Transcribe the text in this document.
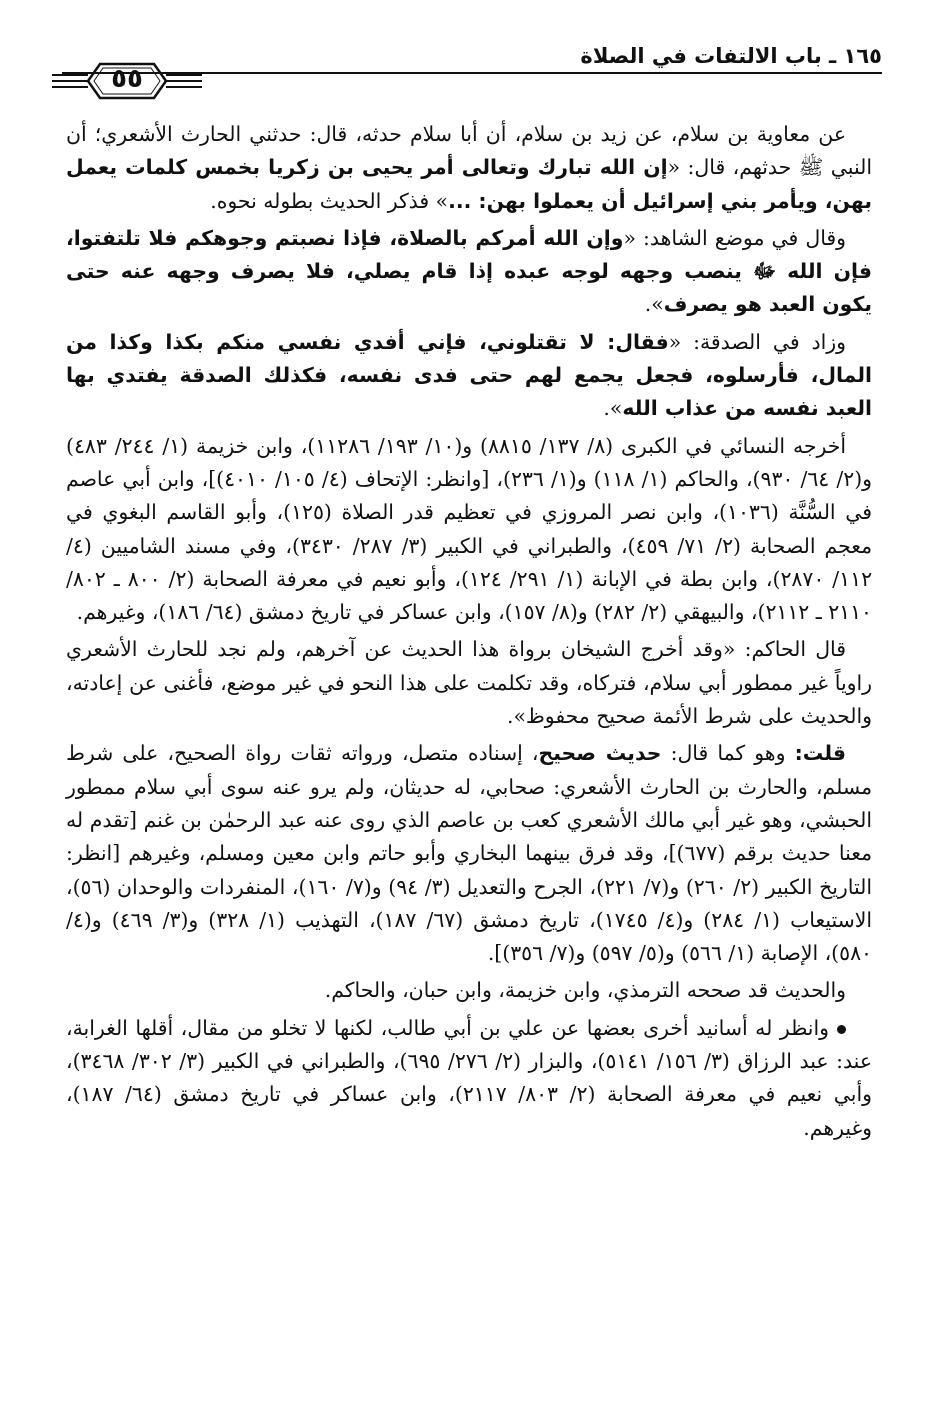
١٦٥ ـ باب الالتفات في الصلاة
٥٥

عن معاوية بن سلام، عن زيد بن سلام، أن أبا سلام حدثه، قال: حدثني الحارث الأشعري؛ أن النبي ﷺ حدثهم، قال: «إن الله تبارك وتعالى أمر يحيى بن زكريا بخمس كلمات يعمل بهن، ويأمر بني إسرائيل أن يعملوا بهن: ...» فذكر الحديث بطوله نحوه.

وقال في موضع الشاهد: «وإن الله أمركم بالصلاة، فإذا نصبتم وجوهكم فلا تلتفتوا، فإن الله ﷻ ينصب وجهه لوجه عبده إذا قام يصلي، فلا يصرف وجهه عنه حتى يكون العبد هو يصرف».

وزاد في الصدقة: «فقال: لا تقتلوني، فإني أفدي نفسي منكم بكذا وكذا من المال، فأرسلوه، فجعل يجمع لهم حتى فدى نفسه، فكذلك الصدقة يفتدي بها العبد نفسه من عذاب الله».

أخرجه النسائي في الكبرى (٨/ ١٣٧/ ٨٨١٥) و(١٠/ ١٩٣/ ١١٢٨٦)، وابن خزيمة (١/ ٢٤٤/ ٤٨٣) و(٢/ ٦٤/ ٩٣٠)، والحاكم (١/ ١١٨) و(١/ ٢٣٦)، [وانظر: الإتحاف (٤/ ١٠٥/ ٤٠١٠)]، وابن أبي عاصم في السُّنَّة (١٠٣٦)، وابن نصر المروزي في تعظيم قدر الصلاة (١٢٥)، وأبو القاسم البغوي في معجم الصحابة (٢/ ٧١/ ٤٥٩)، والطبراني في الكبير (٣/ ٢٨٧/ ٣٤٣٠)، وفي مسند الشاميين (٤/ ١١٢/ ٢٨٧٠)، وابن بطة في الإبانة (١/ ٢٩١/ ١٢٤)، وأبو نعيم في معرفة الصحابة (٢/ ٨٠٠ ـ ٨٠٢/ ٢١١٠ ـ ٢١١٢)، والبيهقي (٢/ ٢٨٢) و(٨/ ١٥٧)، وابن عساكر في تاريخ دمشق (٦٤/ ١٨٦)، وغيرهم.

قال الحاكم: «وقد أخرج الشيخان برواة هذا الحديث عن آخرهم، ولم نجد للحارث الأشعري راوياً غير ممطور أبي سلام، فتركاه، وقد تكلمت على هذا النحو في غير موضع، فأغنى عن إعادته، والحديث على شرط الأئمة صحيح محفوظ».

قلت: وهو كما قال: حديث صحيح، إسناده متصل، ورواته ثقات رواة الصحيح، على شرط مسلم، والحارث بن الحارث الأشعري: صحابي، له حديثان، ولم يرو عنه سوى أبي سلام ممطور الحبشي، وهو غير أبي مالك الأشعري كعب بن عاصم الذي روى عنه عبد الرحمٰن بن غنم [تقدم له معنا حديث برقم (٦٧٧)]، وقد فرق بينهما البخاري وأبو حاتم وابن معين ومسلم، وغيرهم [انظر: التاريخ الكبير (٢/ ٢٦٠) و(٧/ ٢٢١)، الجرح والتعديل (٣/ ٩٤) و(٧/ ١٦٠)، المنفردات والوحدان (٥٦)، الاستيعاب (١/ ٢٨٤) و(٤/ ١٧٤٥)، تاريخ دمشق (٦٧/ ١٨٧)، التهذيب (١/ ٣٢٨) و(٣/ ٤٦٩) و(٤/ ٥٨٠)، الإصابة (١/ ٥٦٦) و(٥/ ٥٩٧) و(٧/ ٣٥٦)].

والحديث قد صححه الترمذي، وابن خزيمة، وابن حبان، والحاكم.

وانظر له أسانيد أخرى بعضها عن علي بن أبي طالب، لكنها لا تخلو من مقال، أقلها الغرابة، عند: عبد الرزاق (٣/ ١٥٦/ ٥١٤١)، والبزار (٢/ ٢٧٦/ ٦٩٥)، والطبراني في الكبير (٣/ ٣٠٢/ ٣٤٦٨)، وأبي نعيم في معرفة الصحابة (٢/ ٨٠٣/ ٢١١٧)، وابن عساكر في تاريخ دمشق (٦٤/ ١٨٧)، وغيرهم.
